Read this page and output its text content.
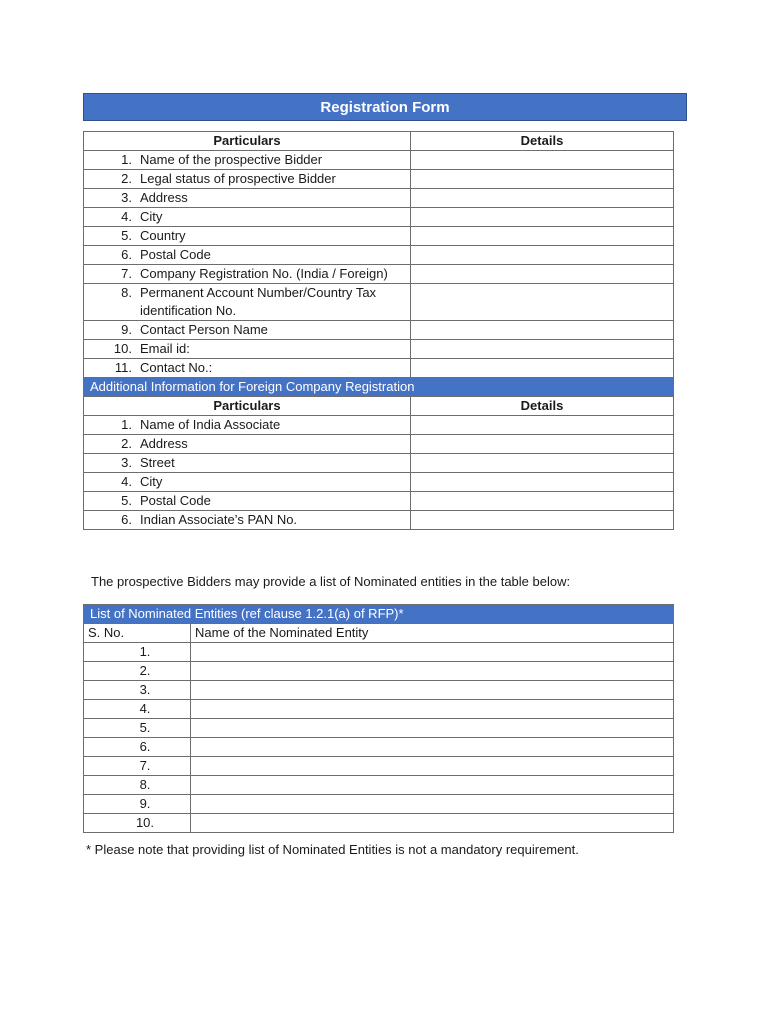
Registration Form
Particulars	Details

1. Name of the prospective Bidder	

2. Legal status of prospective Bidder	

3. Address	

4. City	

5. Country	

6. Postal Code	

7. Company Registration No. (India / Foreign)	

8. Permanent Account Number/Country Tax identification No.	

9. Contact Person Name	

10. Email id:	

11. Contact No.:	

Additional Information for Foreign Company Registration	
Particulars	Details

1. Name of India Associate	

2. Address	

3. Street	

4. City	

5. Postal Code	

6. Indian Associate’s PAN No.	

The prospective Bidders may provide a list of Nominated entities in the table below:
List of Nominated Entities (ref clause 1.2.1(a) of RFP)*	
S. No.	Name of the Nominated Entity
1.	
2.	
3.	
4.	
5.	
6.	
7.	
8.	
9.	
10.	
* Please note that providing list of Nominated Entities is not a mandatory requirement.
